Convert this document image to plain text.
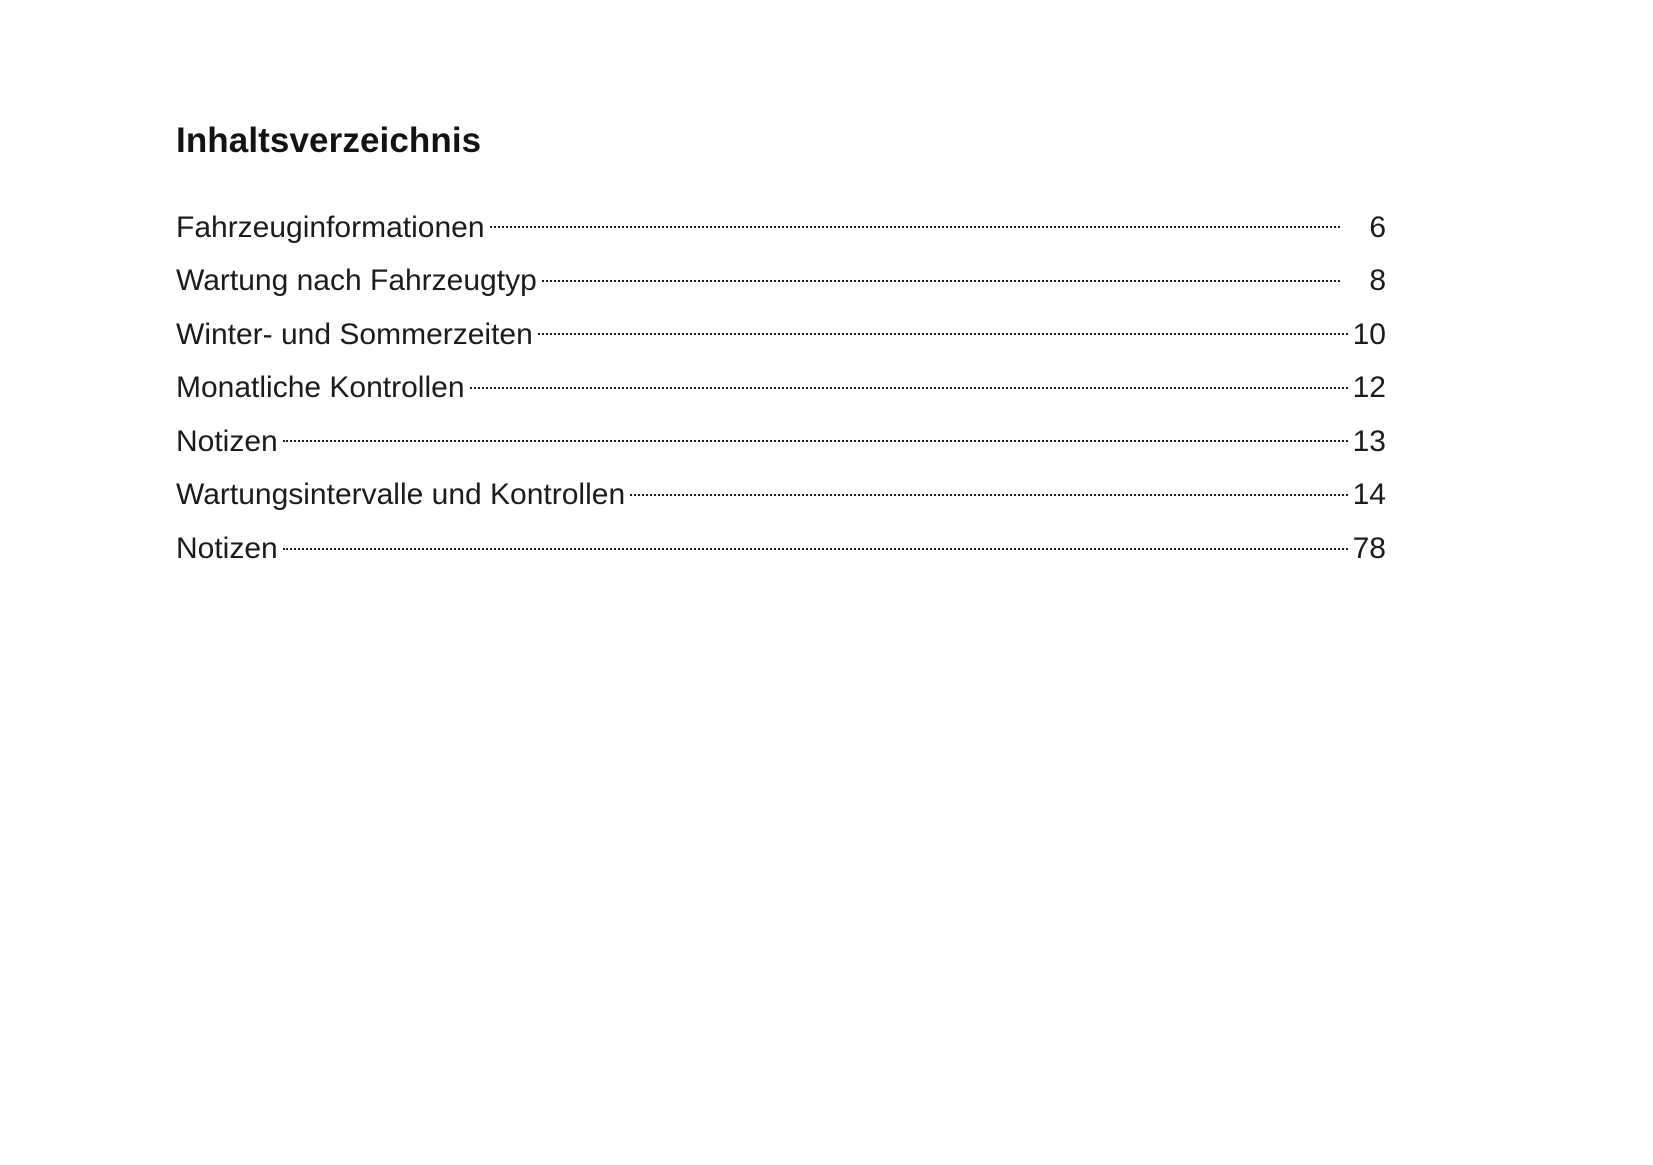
Inhaltsverzeichnis
Fahrzeuginformationen	6
Wartung nach Fahrzeugtyp	8
Winter- und Sommerzeiten	10
Monatliche Kontrollen	12
Notizen	13
Wartungsintervalle und Kontrollen	14
Notizen	78
